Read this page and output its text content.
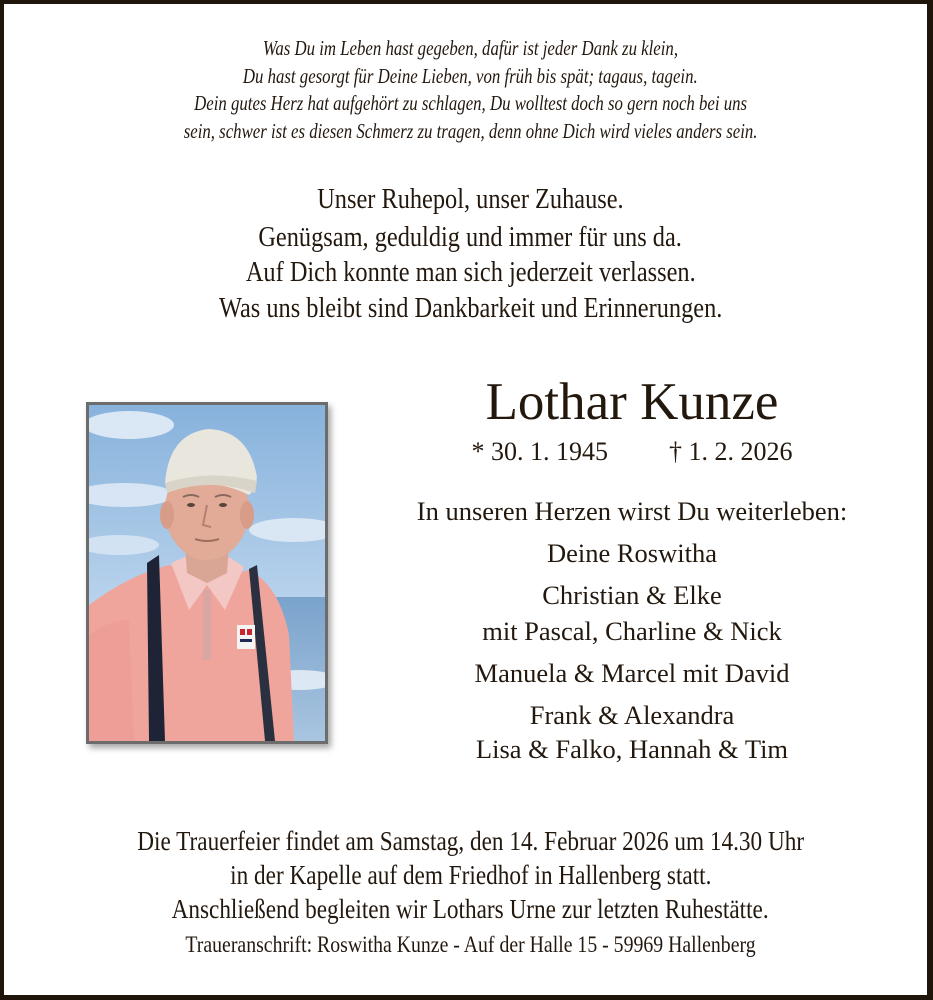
Was Du im Leben hast gegeben, dafür ist jeder Dank zu klein,
Du hast gesorgt für Deine Lieben, von früh bis spät; tagaus, tagein.
Dein gutes Herz hat aufgehört zu schlagen, Du wolltest doch so gern noch bei uns
sein, schwer ist es diesen Schmerz zu tragen, denn ohne Dich wird vieles anders sein.
Unser Ruhepol, unser Zuhause.
Genügsam, geduldig und immer für uns da.
Auf Dich konnte man sich jederzeit verlassen.
Was uns bleibt sind Dankbarkeit und Erinnerungen.
Lothar Kunze
* 30. 1. 1945 † 1. 2. 2026
In unseren Herzen wirst Du weiterleben:
Deine Roswitha
Christian & Elke
mit Pascal, Charline & Nick
Manuela & Marcel mit David
Frank & Alexandra
Lisa & Falko, Hannah & Tim
Die Trauerfeier findet am Samstag, den 14. Februar 2026 um 14.30 Uhr
in der Kapelle auf dem Friedhof in Hallenberg statt.
Anschließend begleiten wir Lothars Urne zur letzten Ruhestätte.
Traueranschrift: Roswitha Kunze - Auf der Halle 15 - 59969 Hallenberg
